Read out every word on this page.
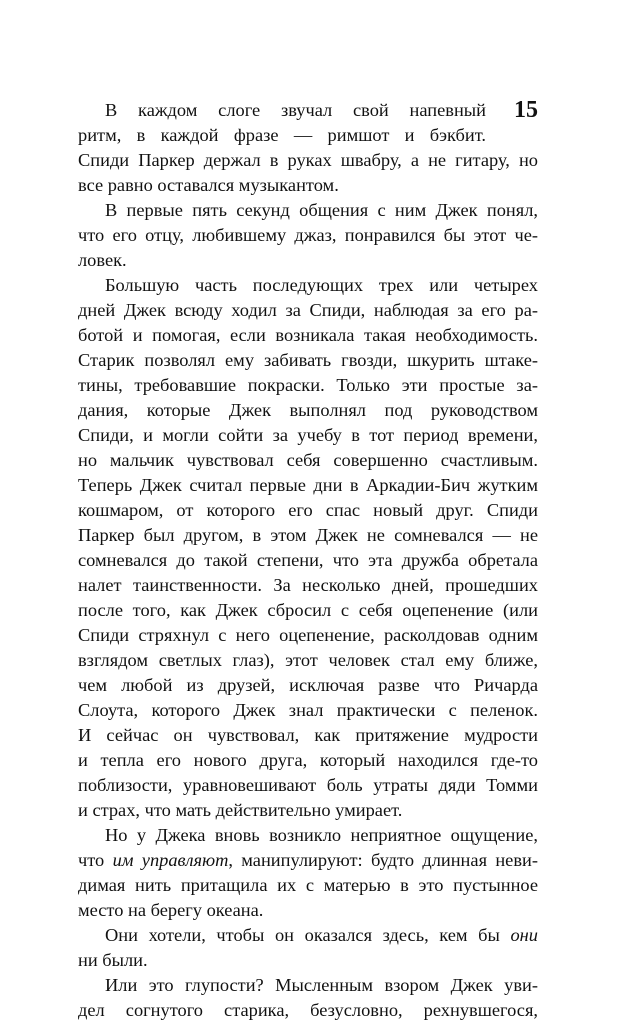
15
В каждом слоге звучал свой напевный
ритм, в каждой фразе — римшот и бэкбит.
Спиди Паркер держал в руках швабру, а не гитару, но
все равно оставался музыкантом.
В первые пять секунд общения с ним Джек понял,
что его отцу, любившему джаз, понравился бы этот че-
ловек.
Большую часть последующих трех или четырех
дней Джек всюду ходил за Спиди, наблюдая за его ра-
ботой и помогая, если возникала такая необходимость.
Старик позволял ему забивать гвозди, шкурить штаке-
тины, требовавшие покраски. Только эти простые за-
дания, которые Джек выполнял под руководством
Спиди, и могли сойти за учебу в тот период времени,
но мальчик чувствовал себя совершенно счастливым.
Теперь Джек считал первые дни в Аркадии-Бич жутким
кошмаром, от которого его спас новый друг. Спиди
Паркер был другом, в этом Джек не сомневался — не
сомневался до такой степени, что эта дружба обретала
налет таинственности. За несколько дней, прошедших
после того, как Джек сбросил с себя оцепенение (или
Спиди стряхнул с него оцепенение, расколдовав одним
взглядом светлых глаз), этот человек стал ему ближе,
чем любой из друзей, исключая разве что Ричарда
Слоута, которого Джек знал практически с пеленок.
И сейчас он чувствовал, как притяжение мудрости
и тепла его нового друга, который находился где-то
поблизости, уравновешивают боль утраты дяди Томми
и страх, что мать действительно умирает.
Но у Джека вновь возникло неприятное ощущение,
что им управляют, манипулируют: будто длинная неви-
димая нить притащила их с матерью в это пустынное
место на берегу океана.
Они хотели, чтобы он оказался здесь, кем бы они
ни были.
Или это глупости? Мысленным взором Джек уви-
дел согнутого старика, безусловно, рехнувшегося,
